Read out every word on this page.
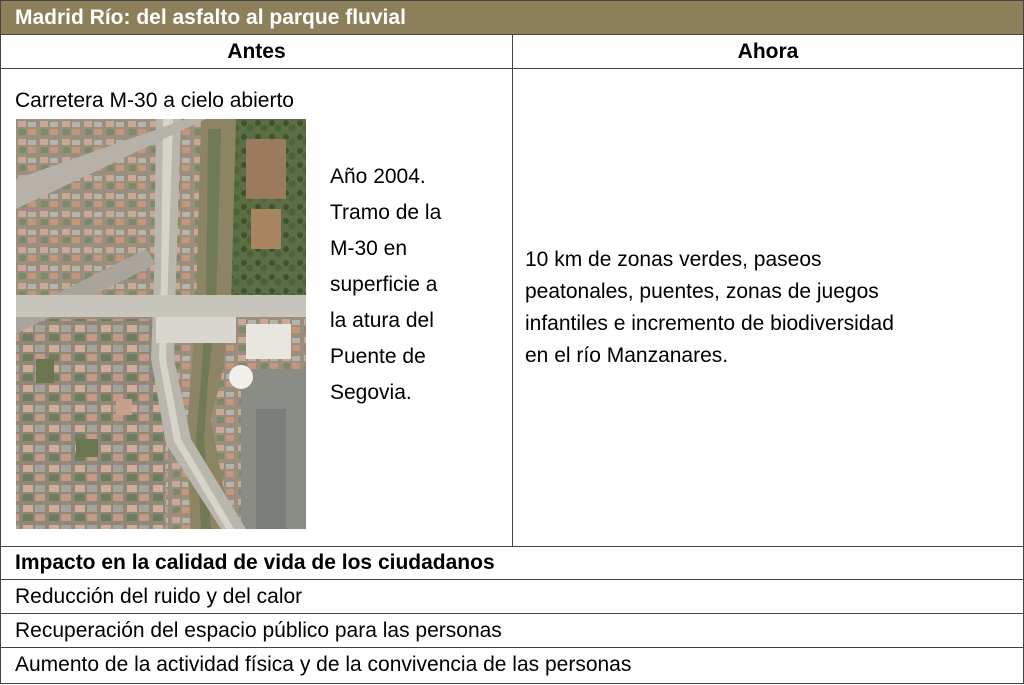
Madrid Río: del asfalto al parque fluvial
Antes	Ahora
Carretera M-30 a cielo abierto
Año 2004.
Tramo de la
M-30 en
superficie a
la atura del
Puente de
Segovia.
10 km de zonas verdes, paseos
peatonales, puentes, zonas de juegos
infantiles e incremento de biodiversidad
en el río Manzanares.
Impacto en la calidad de vida de los ciudadanos
Reducción del ruido y del calor
Recuperación del espacio público para las personas
Aumento de la actividad física y de la convivencia de las personas
